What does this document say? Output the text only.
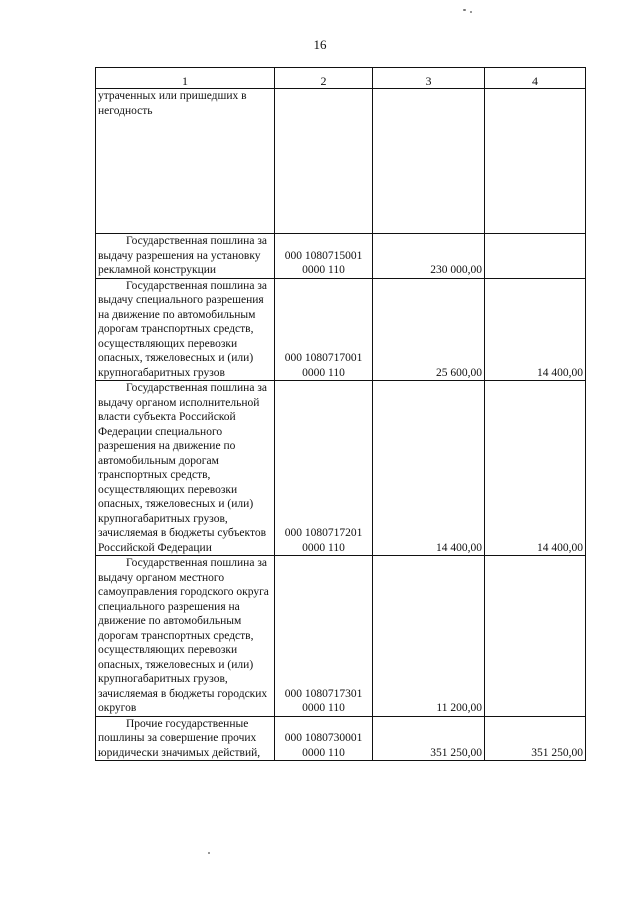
16
1	2	3	4
утраченных или пришедших в негодность			
Государственная пошлина за выдачу разрешения на установку рекламной конструкции	000 1080715001 0000 110	230 000,00	
Государственная пошлина за выдачу специального разрешения на движение по автомобильным дорогам транспортных средств, осуществляющих перевозки опасных, тяжеловесных и (или) крупногабаритных грузов	000 1080717001 0000 110	25 600,00	14 400,00
Государственная пошлина за выдачу органом исполнительной власти субъекта Российской Федерации специального разрешения на движение по автомобильным дорогам транспортных средств, осуществляющих перевозки опасных, тяжеловесных и (или) крупногабаритных грузов, зачисляемая в бюджеты субъектов Российской Федерации	000 1080717201 0000 110	14 400,00	14 400,00
Государственная пошлина за выдачу органом местного самоуправления городского округа специального разрешения на движение по автомобильным дорогам транспортных средств, осуществляющих перевозки опасных, тяжеловесных и (или) крупногабаритных грузов, зачисляемая в бюджеты городских округов	000 1080717301 0000 110	11 200,00	
Прочие государственные пошлины за совершение прочих юридически значимых действий,	000 1080730001 0000 110	351 250,00	351 250,00
